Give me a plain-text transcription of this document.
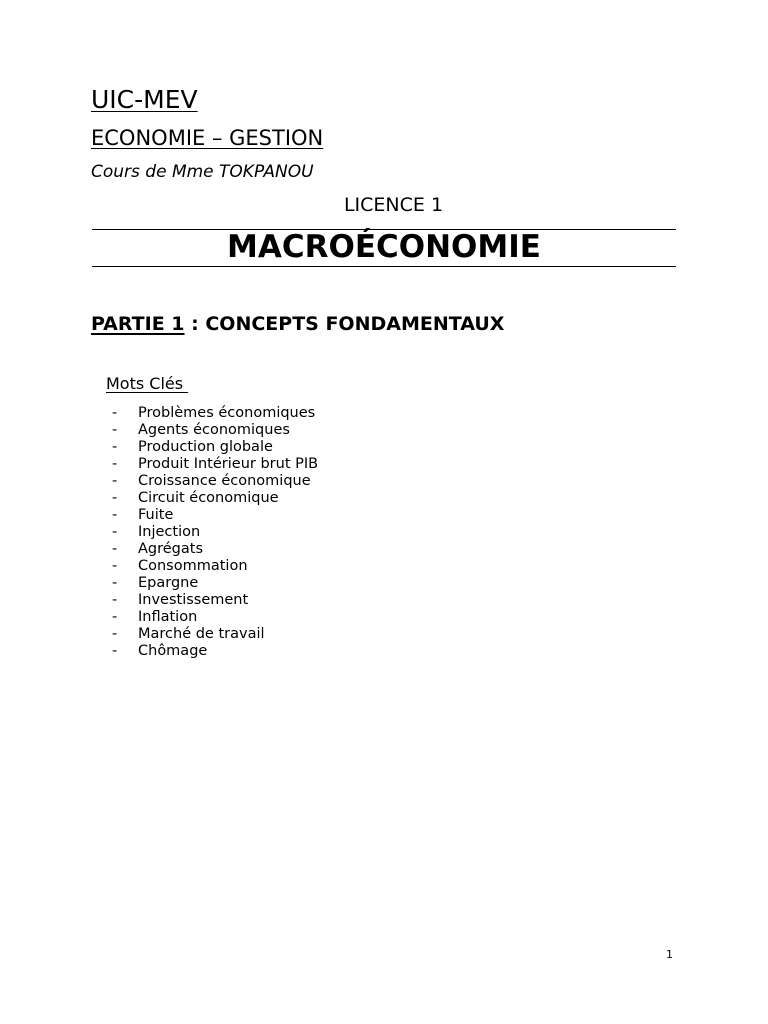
UIC-MEV
ECONOMIE – GESTION
Cours de Mme TOKPANOU
LICENCE 1
MACROÉCONOMIE
PARTIE 1 : CONCEPTS FONDAMENTAUX
Mots Clés
- Problèmes économiques
- Agents économiques
- Production globale
- Produit Intérieur brut PIB
- Croissance économique
- Circuit économique
- Fuite
- Injection
- Agrégats
- Consommation
- Epargne
- Investissement
- Inflation
- Marché de travail
- Chômage
1
